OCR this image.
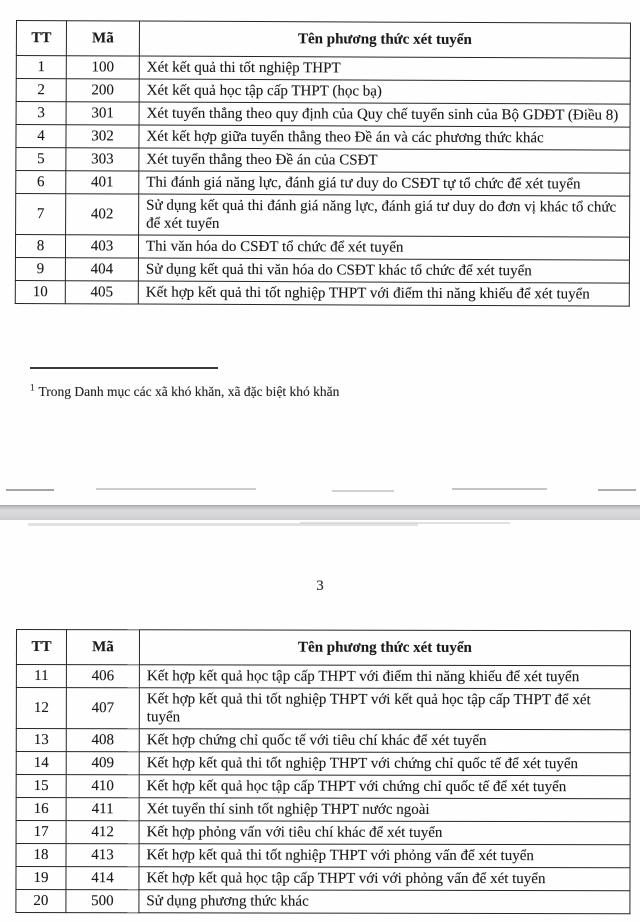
TT	Mã	Tên phương thức xét tuyển
1	100	Xét kết quả thi tốt nghiệp THPT
2	200	Xét kết quả học tập cấp THPT (học bạ)
3	301	Xét tuyển thẳng theo quy định của Quy chế tuyển sinh của Bộ GDĐT (Điều 8)
4	302	Xét kết hợp giữa tuyển thẳng theo Đề án và các phương thức khác
5	303	Xét tuyển thẳng theo Đề án của CSĐT
6	401	Thi đánh giá năng lực, đánh giá tư duy do CSĐT tự tổ chức để xét tuyển
7	402	Sử dụng kết quả thi đánh giá năng lực, đánh giá tư duy do đơn vị khác tổ chức để xét tuyển
8	403	Thi văn hóa do CSĐT tổ chức để xét tuyển
9	404	Sử dụng kết quả thi văn hóa do CSĐT khác tổ chức để xét tuyển
10	405	Kết hợp kết quả thi tốt nghiệp THPT với điểm thi năng khiếu để xét tuyển

$^1$ Trong Danh mục các xã khó khăn, xã đặc biệt khó khăn

3
TT	Mã	Tên phương thức xét tuyển
11	406	Kết hợp kết quả học tập cấp THPT với điểm thi năng khiếu để xét tuyển
12	407	Kết hợp kết quả thi tốt nghiệp THPT với kết quả học tập cấp THPT để xét tuyển
13	408	Kết hợp chứng chỉ quốc tế với tiêu chí khác để xét tuyển
14	409	Kết hợp kết quả thi tốt nghiệp THPT với chứng chỉ quốc tế để xét tuyển
15	410	Kết hợp kết quả học tập cấp THPT với chứng chỉ quốc tế để xét tuyển
16	411	Xét tuyển thí sinh tốt nghiệp THPT nước ngoài
17	412	Kết hợp phỏng vấn với tiêu chí khác để xét tuyển
18	413	Kết hợp kết quả thi tốt nghiệp THPT với phỏng vấn để xét tuyển
19	414	Kết hợp kết quả học tập cấp THPT với với phỏng vấn để xét tuyển
20	500	Sử dụng phương thức khác
